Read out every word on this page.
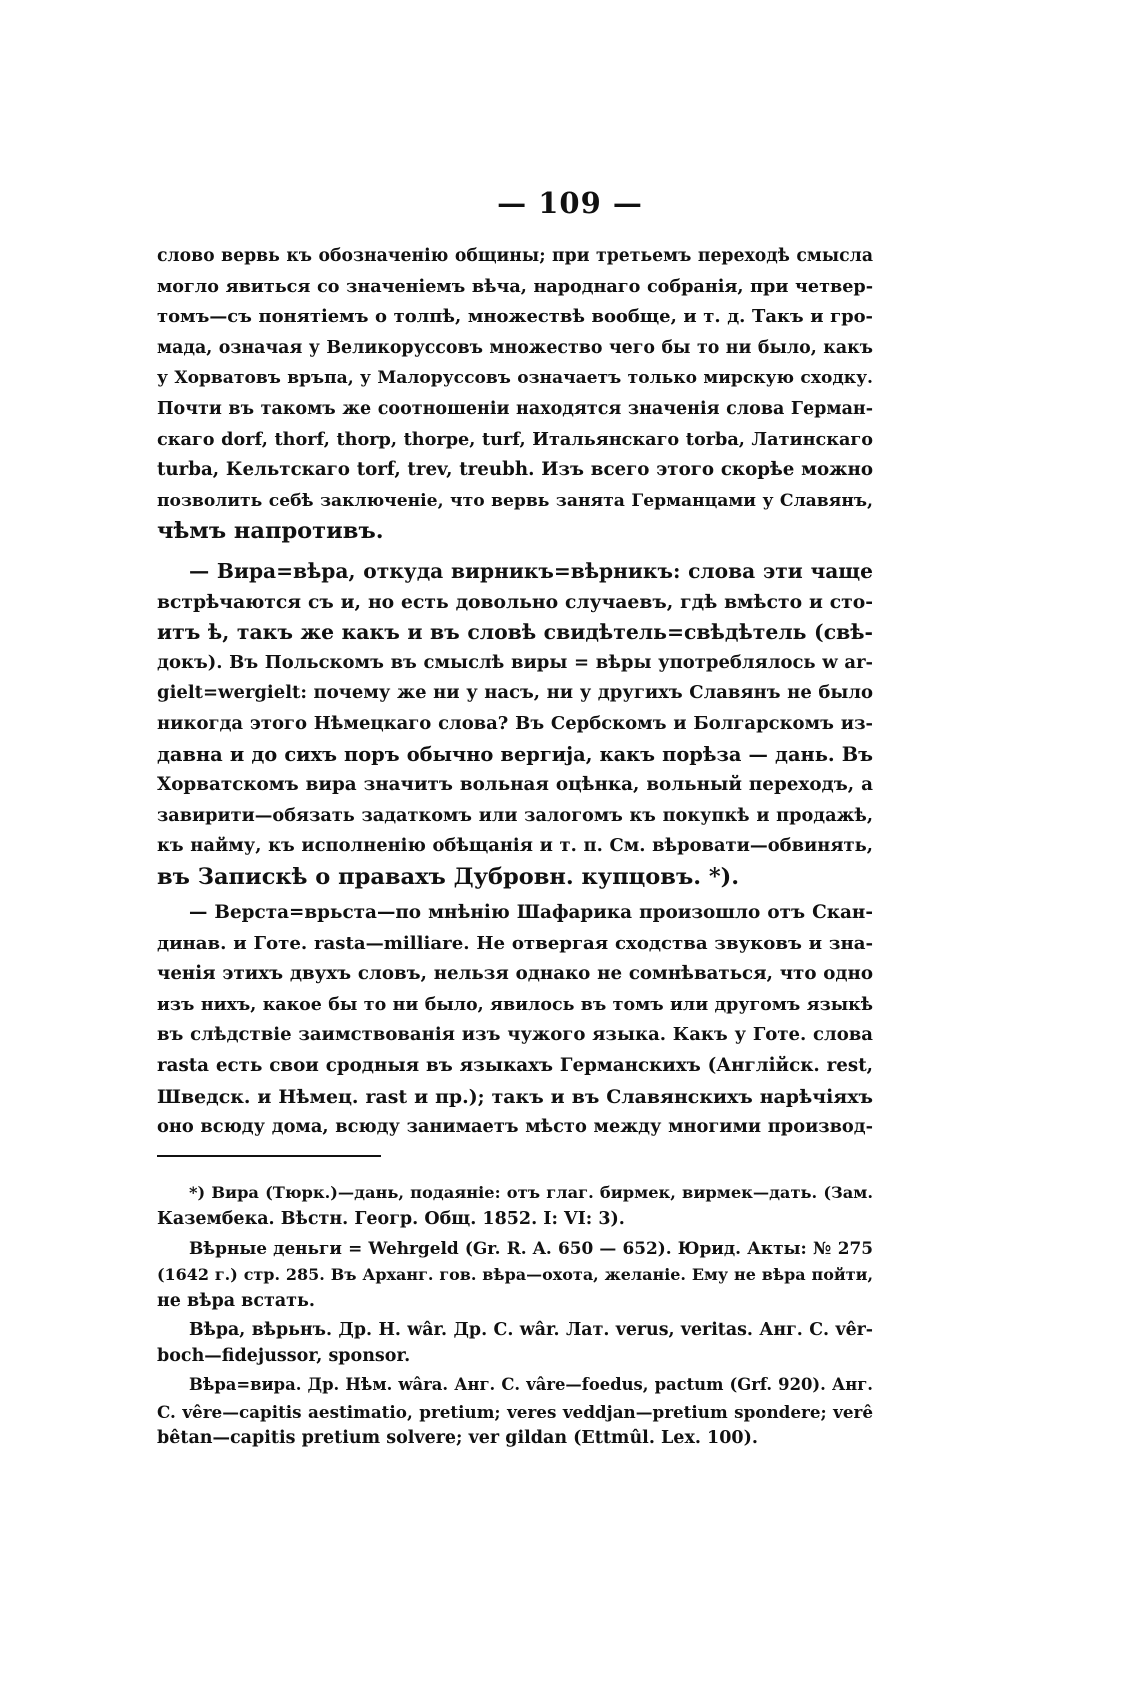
— 109 —
слово вервь къ обозначенію общины; при третьемъ переходѣ смысла
могло явиться со значеніемъ вѣча, народнаго собранія, при четвер-
томъ—съ понятіемъ о толпѣ, множествѣ вообще, и т. д. Такъ и гро-
мада, означая у Великоруссовъ множество чего бы то ни было, какъ
у Хорватовъ връпа, у Малоруссовъ означаетъ только мирскую сходку.
Почти въ такомъ же соотношеніи находятся значенія слова Герман-
скаго dorf, thorf, thorp, thorpe, turf, Итальянскаго torba, Латинскаго
turba, Кельтскаго torf, trev, treubh. Изъ всего этого скорѣе можно
позволить себѣ заключеніе, что вервь занята Германцами у Славянъ,
чѣмъ напротивъ.
— Вира=вѣра, откуда вирникъ=вѣрникъ: слова эти чаще
встрѣчаются съ и, но есть довольно случаевъ, гдѣ вмѣсто и сто-
итъ ѣ, такъ же какъ и въ словѣ свидѣтель=свѣдѣтель (свѣ-
докъ). Въ Польскомъ въ смыслѣ виры = вѣры употреблялось w ar-
gielt=wergielt: почему же ни у насъ, ни у другихъ Славянъ не было
никогда этого Нѣмецкаго слова? Въ Сербскомъ и Болгарскомъ из-
давна и до сихъ поръ обычно вергија, какъ порѣза — дань. Въ
Хорватскомъ вира значитъ вольная оцѣнка, вольный переходъ, а
завирити—обязать задаткомъ или залогомъ къ покупкѣ и продажѣ,
къ найму, къ исполненію обѣщанія и т. п. См. вѣровати—обвинять,
въ Запискѣ о правахъ Дубровн. купцовъ. *).
— Верста=врьста—по мнѣнію Шафарика произошло отъ Скан-
динав. и Готе. rasta—milliare. Не отвергая сходства звуковъ и зна-
ченія этихъ двухъ словъ, нельзя однако не сомнѣваться, что одно
изъ нихъ, какое бы то ни было, явилось въ томъ или другомъ языкѣ
въ слѣдствіе заимствованія изъ чужого языка. Какъ у Готе. слова
rasta есть свои сродныя въ языкахъ Германскихъ (Англійск. rest,
Шведск. и Нѣмец. rast и пр.); такъ и въ Славянскихъ нарѣчіяхъ
оно всюду дома, всюду занимаетъ мѣсто между многими производ-
*) Вира (Тюрк.)—дань, подаяніе: отъ глаг. бирмек, вирмек—дать. (Зам.
Казембека. Вѣстн. Геогр. Общ. 1852. I: VI: 3).
Вѣрные деньги = Wehrgeld (Gr. R. A. 650 — 652). Юрид. Акты: № 275
(1642 г.) стр. 285. Въ Арханг. гов. вѣра—охота, желаніе. Ему не вѣра пойти,
не вѣра встать.
Вѣра, вѣрьнъ. Др. Н. wâr. Др. С. wâr. Лат. verus, veritas. Анг. С. vêr-
boch—fidejussor, sponsor.
Вѣра=вира. Др. Нѣм. wâra. Анг. С. vâre—foedus, pactum (Grf. 920). Анг.
C. vêre—capitis aestimatio, pretium; veres veddjan—pretium spondere; verê
bêtan—capitis pretium solvere; ver gildan (Ettmûl. Lex. 100).
